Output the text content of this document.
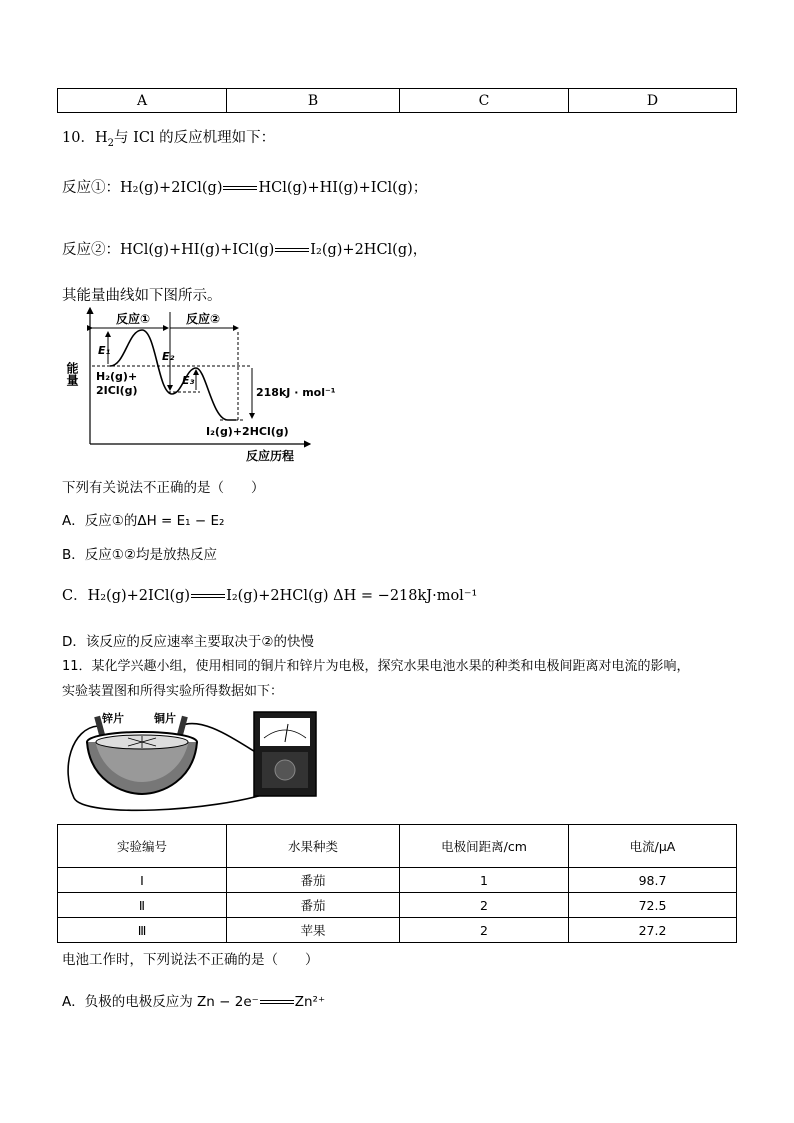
A	B	C	D
10．$H_2$与 ICl 的反应机理如下：
反应①：H₂(g)+2ICl(g) HCl(g)+HI(g)+ICl(g)；
反应②：HCl(g)+HI(g)+ICl(g) I₂(g)+2HCl(g)，
其能量曲线如下图所示。
能量
反应历程
反应①	反应②
E₁	E₂
E₃
218kJ · mol⁻¹
H₂(g)+
2ICl(g)
I₂(g)+2HCl(g)
下列有关说法不正确的是（　　）
A．反应①的ΔH = E₁ − E₂
B．反应①②均是放热反应
C．H₂(g)+2ICl(g) I₂(g)+2HCl(g) ΔH = −218kJ·mol⁻¹
D．该反应的反应速率主要取决于②的快慢
11．某化学兴趣小组，使用相同的铜片和锌片为电极，探究水果电池水果的种类和电极间距离对电流的影响，
实验装置图和所得实验所得数据如下：
锌片	铜片
实验编号	水果种类	电极间距离/cm	电流/μA
Ⅰ	番茄	1	98.7
Ⅱ	番茄	2	72.5
Ⅲ	苹果	2	27.2
电池工作时，下列说法不正确的是（　　）
A．负极的电极反应为 Zn − 2e⁻	Zn²⁺
